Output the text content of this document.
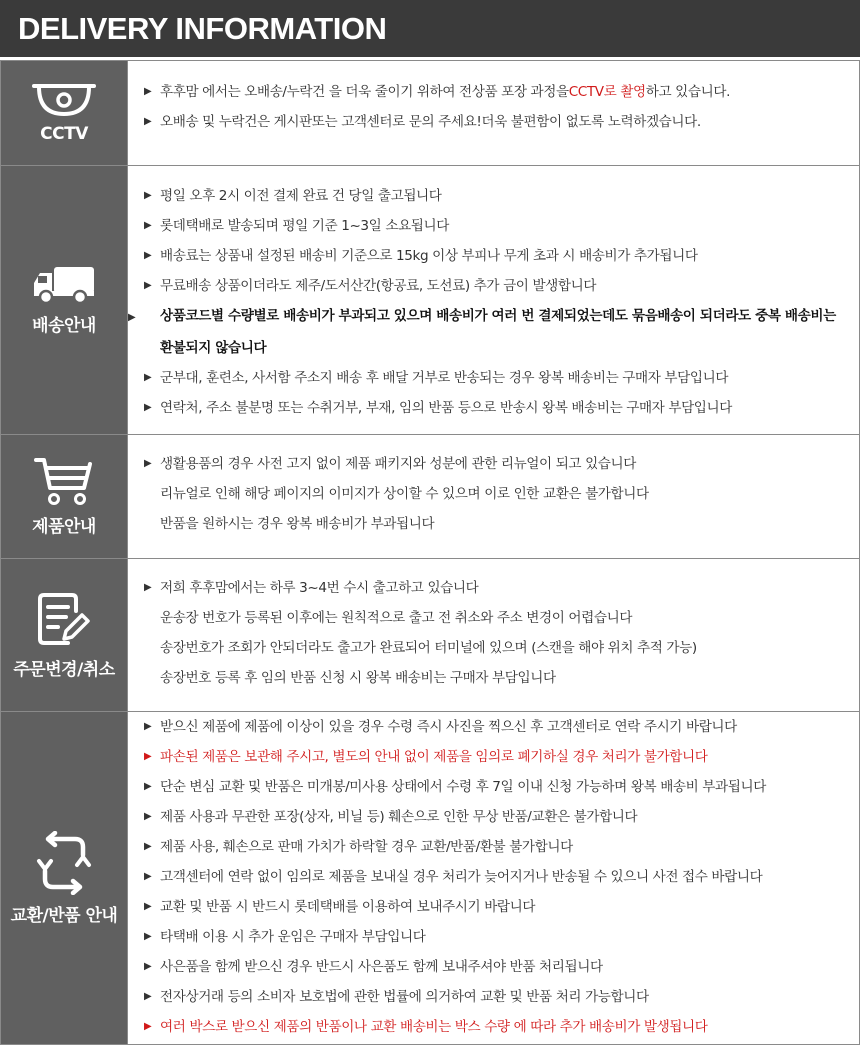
DELIVERY INFORMATION
CCTV
▶ 후후맘 에서는 오배송/누락건 을 더욱 줄이기 위하여 전상품 포장 과정을 CCTV로 촬영 하고 있습니다.
▶ 오배송 및 누락건은 게시판또는 고객센터로 문의 주세요!더욱 불편함이 없도록 노력하겠습니다.
배송안내
▶ 평일 오후 2시 이전 결제 완료 건 당일 출고됩니다
▶ 롯데택배로 발송되며 평일 기준 1~3일 소요됩니다
▶ 배송료는 상품내 설정된 배송비 기준으로 15kg 이상 부피나 무게 초과 시 배송비가 추가됩니다
▶ 무료배송 상품이더라도 제주/도서산간(항공료, 도선료) 추가 금이 발생합니다
▶ 상품코드별 수량별로 배송비가 부과되고 있으며 배송비가 여러 번 결제되었는데도 묶음배송이 되더라도 중복 배송비는 환불되지 않습니다
▶ 군부대, 훈련소, 사서함 주소지 배송 후 배달 거부로 반송되는 경우 왕복 배송비는 구매자 부담입니다
▶ 연락처, 주소 불분명 또는 수취거부, 부재, 임의 반품 등으로 반송시 왕복 배송비는 구매자 부담입니다
제품안내
▶ 생활용품의 경우 사전 고지 없이 제품 패키지와 성분에 관한 리뉴얼이 되고 있습니다
리뉴얼로 인해 해당 페이지의 이미지가 상이할 수 있으며 이로 인한 교환은 불가합니다
반품을 원하시는 경우 왕복 배송비가 부과됩니다
주문변경/취소
▶ 저희 후후맘에서는 하루 3~4번 수시 출고하고 있습니다
운송장 번호가 등록된 이후에는 원칙적으로 출고 전 취소와 주소 변경이 어렵습니다
송장번호가 조회가 안되더라도 출고가 완료되어 터미널에 있으며 (스캔을 해야 위치 추적 가능)
송장번호 등록 후 임의 반품 신청 시 왕복 배송비는 구매자 부담입니다
교환/반품 안내
▶ 받으신 제품에 제품에 이상이 있을 경우 수령 즉시 사진을 찍으신 후 고객센터로 연락 주시기 바랍니다
▶ 파손된 제품은 보관해 주시고, 별도의 안내 없이 제품을 임의로 폐기하실 경우 처리가 불가합니다
▶ 단순 변심 교환 및 반품은 미개봉/미사용 상태에서 수령 후 7일 이내 신청 가능하며 왕복 배송비 부과됩니다
▶ 제품 사용과 무관한 포장(상자, 비닐 등) 훼손으로 인한 무상 반품/교환은 불가합니다
▶ 제품 사용, 훼손으로 판매 가치가 하락할 경우 교환/반품/환불 불가합니다
▶ 고객센터에 연락 없이 임의로 제품을 보내실 경우 처리가 늦어지거나 반송될 수 있으니 사전 접수 바랍니다
▶ 교환 및 반품 시 반드시 롯데택배를 이용하여 보내주시기 바랍니다
▶ 타택배 이용 시 추가 운임은 구매자 부담입니다
▶ 사은품을 함께 받으신 경우 반드시 사은품도 함께 보내주셔야 반품 처리됩니다
▶ 전자상거래 등의 소비자 보호법에 관한 법률에 의거하여 교환 및 반품 처리 가능합니다
▶ 여러 박스로 받으신 제품의 반품이나 교환 배송비는 박스 수량 에 따라 추가 배송비가 발생됩니다
